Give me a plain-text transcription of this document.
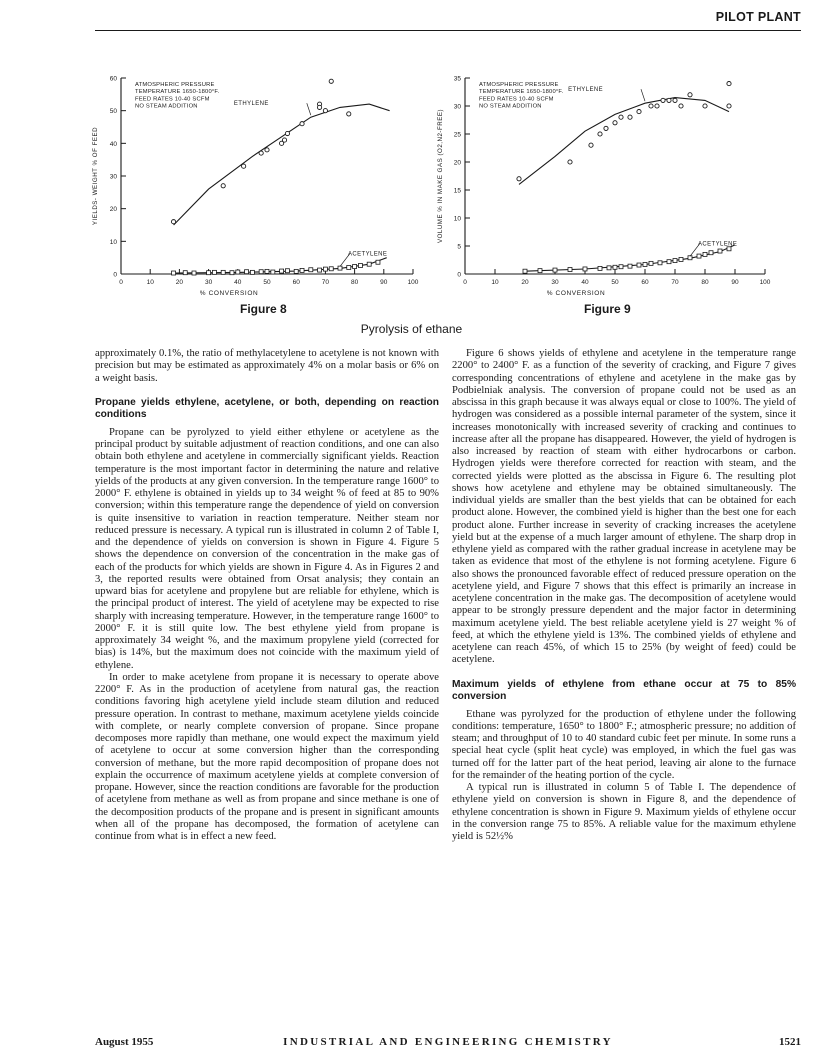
PILOT PLANT
0	10	20	30	40	50	60	70	80	90	100
0
10
20
30
40
50
60
% CONVERSION
YIELDS- WEIGHT % OF FEED
ATMOSPHERIC PRESSURE
TEMPERATURE 1650-1800°F.
FEED RATES 10-40 SCFM
NO STEAM ADDITION	ETHYLENE
ACETYLENE
0	10	20	30	40	50	60	70	80	90	100
0
5
10
15
20
25
30
35
% CONVERSION
VOLUME % IN MAKE GAS (O2,N2-FREE)
ATMOSPHERIC PRESSURE
TEMPERATURE 1650-1800°F.
FEED RATES 10-40 SCFM
NO STEAM ADDITION
ETHYLENE
ACETYLENE
Figure 8	Figure 9
Pyrolysis of ethane

approximately 0.1%, the ratio of methylacetylene to acetylene is not known with precision but may be estimated as approximately 4% on a molar basis or 6% on a weight basis.

Propane yields ethylene, acetylene, or both, depending on reaction conditions

Propane can be pyrolyzed to yield either ethylene or acetylene as the principal product by suitable adjustment of reaction conditions, and one can also obtain both ethylene and acetylene in commercially significant yields. Reaction temperature is the most important factor in determining the nature and relative yields of the products at any given conversion. In the temperature range 1600° to 2000° F. ethylene is obtained in yields up to 34 weight % of feed at 85 to 90% conversion; within this temperature range the dependence of yield on conversion is quite insensitive to variation in reaction temperature. Neither steam nor reduced pressure is necessary. A typical run is illustrated in column 2 of Table I, and the dependence of yields on conversion is shown in Figure 4. Figure 5 shows the dependence on conversion of the concentration in the make gas of each of the products for which yields are shown in Figure 4. As in Figures 2 and 3, the reported results were obtained from Orsat analysis; they contain an upward bias for acetylene and propylene but are reliable for ethylene, which is the principal product of interest. The yield of acetylene may be expected to rise sharply with increasing temperature. However, in the temperature range 1600° to 2000° F. it is still quite low. The best ethylene yield from propane is approximately 34 weight %, and the maximum propylene yield (corrected for bias) is 14%, but the maximum does not coincide with the maximum yield of ethylene.

In order to make acetylene from propane it is necessary to operate above 2200° F. As in the production of acetylene from natural gas, the reaction conditions favoring high acetylene yield include steam dilution and reduced pressure operation. In contrast to methane, maximum acetylene yields coincide with complete, or nearly complete conversion of propane. Since propane decomposes more rapidly than methane, one would expect the maximum yield of acetylene to occur at some conversion higher than the corresponding conversion of methane, but the more rapid decomposition of propane does not explain the occurrence of maximum acetylene yields at complete conversion of propane. However, since the reaction conditions are favorable for the production of acetylene from methane as well as from propane and since methane is one of the decomposition products of the propane and is present in significant amounts when all of the propane has decomposed, the formation of acetylene can continue from what is in effect a new feed.

Figure 6 shows yields of ethylene and acetylene in the temperature range 2200° to 2400° F. as a function of the severity of cracking, and Figure 7 gives corresponding concentrations of ethylene and acetylene in the make gas by Podbielniak analysis. The conversion of propane could not be used as an abscissa in this graph because it was always equal or close to 100%. The yield of hydrogen was considered as a possible internal parameter of the system, since it increases monotonically with increased severity of cracking and continues to increase after all the propane has disappeared. However, the yield of hydrogen is also increased by reaction of steam with either hydrocarbons or carbon. Hydrogen yields were therefore corrected for reaction with steam, and the corrected yields were plotted as the abscissa in Figure 6. The resulting plot shows how acetylene and ethylene may be obtained simultaneously. The individual yields are smaller than the best yields that can be obtained for each product alone. However, the combined yield is higher than the best one for each product alone. Further increase in severity of cracking increases the acetylene yield but at the expense of a much larger amount of ethylene. The sharp drop in ethylene yield as compared with the rather gradual increase in acetylene may be taken as evidence that most of the ethylene is not forming acetylene. Figure 6 also shows the pronounced favorable effect of reduced pressure operation on the acetylene yield, and Figure 7 shows that this effect is primarily an increase in acetylene concentration in the make gas. The decomposition of acetylene would appear to be strongly pressure dependent and the major factor in determining maximum acetylene yield. The best reliable acetylene yield is 27 weight % of feed, at which the ethylene yield is 13%. The combined yields of ethylene and acetylene can reach 45%, of which 15 to 25% (by weight of feed) could be acetylene.

Maximum yields of ethylene from ethane occur at 75 to 85% conversion

Ethane was pyrolyzed for the production of ethylene under the following conditions: temperature, 1650° to 1800° F.; atmospheric pressure; no addition of steam; and throughput of 10 to 40 standard cubic feet per minute. In some runs a special heat cycle (split heat cycle) was employed, in which the fuel gas was turned off for the latter part of the heat period, leaving air alone to the furnace for the remainder of the heating portion of the cycle.

A typical run is illustrated in column 5 of Table I. The dependence of ethylene yield on conversion is shown in Figure 8, and the dependence of ethylene concentration is shown in Figure 9. Maximum yields of ethylene occur in the conversion range 75 to 85%. A reliable value for the maximum ethylene yield is 52½%

August 1955	INDUSTRIAL AND ENGINEERING CHEMISTRY	1521
